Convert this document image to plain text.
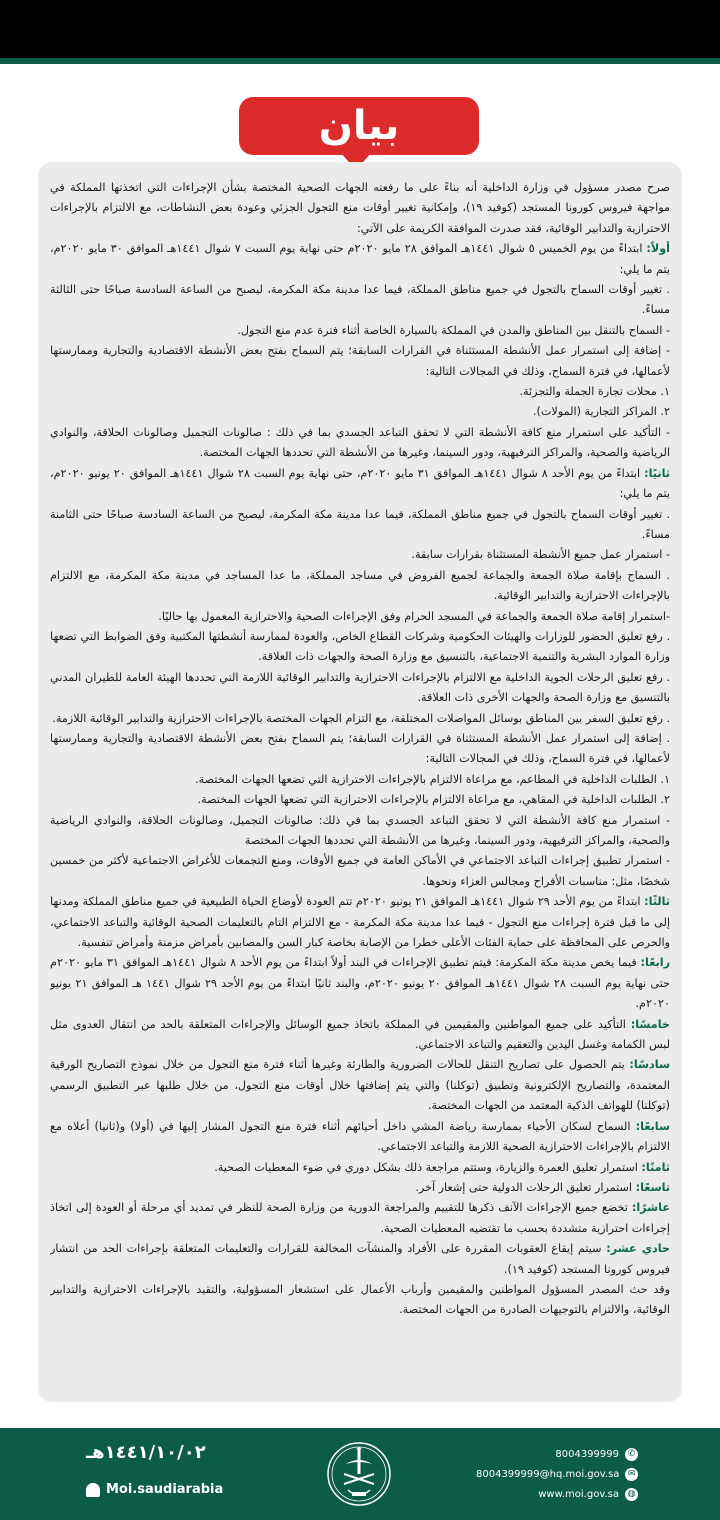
بيان

صرح مصدر مسؤول في وزارة الداخلية أنه بناءً على ما رفعته الجهات الصحية المختصة بشأن الإجراءات التي اتخذتها المملكة في مواجهة فيروس كورونا المستجد (كوفيد ١٩)، وإمكانية تغيير أوقات منع التجول الجزئي وعودة بعض النشاطات، مع الالتزام بالإجراءات الاحترازية والتدابير الوقائية، فقد صدرت الموافقة الكريمة على الآتي:

أولاً: ابتداءً من يوم الخميس ٥ شوال ١٤٤١هـ الموافق ٢٨ مايو ٢٠٢٠م حتى نهاية يوم السبت ٧ شوال ١٤٤١هـ الموافق ٣٠ مايو ٢٠٢٠م، يتم ما يلي:

. تغيير أوقات السماح بالتجول في جميع مناطق المملكة، فيما عدا مدينة مكة المكرمة، ليصبح من الساعة السادسة صباحًا حتى الثالثة مساءً.

- السماح بالتنقل بين المناطق والمدن في المملكة بالسيارة الخاصة أثناء فترة عدم منع التجول.

- إضافة إلى استمرار عمل الأنشطة المستثناة في القرارات السابقة؛ يتم السماح بفتح بعض الأنشطة الاقتصادية والتجارية وممارستها لأعمالها، في فترة السماح، وذلك في المجالات التالية:

١. محلات تجارة الجملة والتجزئة.

٢. المراكز التجارية (المولات).

- التأكيد على استمرار منع كافة الأنشطة التي لا تحقق التباعد الجسدي بما في ذلك : صالونات التجميل وصالونات الحلاقة، والنوادي الرياضية والصحية، والمراكز الترفيهية، ودور السينما، وغيرها من الأنشطة التي تحددها الجهات المختصة.

ثانيًا: ابتداءً من يوم الأحد ٨ شوال ١٤٤١هـ الموافق ٣١ مايو ٢٠٢٠م، حتى نهاية يوم السبت ٢٨ شوال ١٤٤١هـ الموافق ٢٠ يونيو ٢٠٢٠م، يتم ما يلي:

. تغيير أوقات السماح بالتجول في جميع مناطق المملكة، فيما عدا مدينة مكة المكرمة، ليصبح من الساعة السادسة صباحًا حتى الثامنة مساءً.

- استمرار عمل جميع الأنشطة المستثناة بقرارات سابقة.

. السماح بإقامة صلاة الجمعة والجماعة لجميع الفروض في مساجد المملكة، ما عدا المساجد في مدينة مكة المكرمة، مع الالتزام بالإجراءات الاحترازية والتدابير الوقائية.

-استمرار إقامة صلاة الجمعة والجماعة في المسجد الحرام وفق الإجراءات الصحية والاحترازية المعمول بها حاليًا.

. رفع تعليق الحضور للوزارات والهيئات الحكومية وشركات القطاع الخاص، والعودة لممارسة أنشطتها المكتبية وفق الضوابط التي تضعها وزارة الموارد البشرية والتنمية الاجتماعية، بالتنسيق مع وزارة الصحة والجهات ذات العلاقة.

. رفع تعليق الرحلات الجوية الداخلية مع الالتزام بالإجراءات الاحترازية والتدابير الوقائية اللازمة التي تحددها الهيئة العامة للطيران المدني بالتنسيق مع وزارة الصحة والجهات الأخرى ذات العلاقة.

. رفع تعليق السفر بين المناطق بوسائل المواصلات المختلفة، مع التزام الجهات المختصة بالإجراءات الاحترازية والتدابير الوقائية اللازمة.

. إضافة إلى استمرار عمل الأنشطة المستثناة في القرارات السابقة؛ يتم السماح بفتح بعض الأنشطة الاقتصادية والتجارية وممارستها لأعمالها، في فترة السماح، وذلك في المجالات التالية:

١. الطلبات الداخلية في المطاعم، مع مراعاة الالتزام بالإجراءات الاحترازية التي تضعها الجهات المختصة.

٢. الطلبات الداخلية في المقاهي، مع مراعاة الالتزام بالإجراءات الاحترازية التي تضعها الجهات المختصة.

- استمرار منع كافة الأنشطة التي لا تحقق التباعد الجسدي بما في ذلك: صالونات التجميل، وصالونات الحلاقة، والنوادي الرياضية والصحية، والمراكز الترفيهية، ودور السينما، وغيرها من الأنشطة التي تحددها الجهات المختصة

- استمرار تطبيق إجراءات التباعد الاجتماعي في الأماكن العامة في جميع الأوقات، ومنع التجمعات للأغراض الاجتماعية لأكثر من خمسين شخصًا، مثل: مناسبات الأفراح ومجالس العزاء ونحوها.

ثالثًا: ابتداءً من يوم الأحد ٢٩ شوال ١٤٤١هـ الموافق ٢١ يونيو ٢٠٢٠م تتم العودة لأوضاع الحياة الطبيعية في جميع مناطق المملكة ومدنها إلى ما قبل فترة إجراءات منع التجول - فيما عدا مدينة مكة المكرمة - مع الالتزام التام بالتعليمات الصحية الوقائية والتباعد الاجتماعي، والحرص على المحافظة على حماية الفئات الأعلى خطرا من الإصابة بخاصة كبار السن والمصابين بأمراض مزمنة وأمراض تنفسية.

رابعًا: فيما يخص مدينة مكة المكرمة: فيتم تطبيق الإجراءات في البند أولاً ابتداءً من يوم الأحد ٨ شوال ١٤٤١هـ الموافق ٣١ مايو ٢٠٢٠م حتى نهاية يوم السبت ٢٨ شوال ١٤٤١هـ الموافق ٢٠ يونيو ٢٠٢٠م، والبند ثانيًا ابتداءً من يوم الأحد ٢٩ شوال ١٤٤١ هـ الموافق ٢١ يونيو ٢٠٢٠م.

خامسًا: التأكيد على جميع المواطنين والمقيمين في المملكة باتخاذ جميع الوسائل والإجراءات المتعلقة بالحد من انتقال العدوى مثل لبس الكمامة وغسل اليدين والتعقيم والتباعد الاجتماعي.

سادسًا: يتم الحصول على تصاريح التنقل للحالات الضرورية والطارئة وغيرها أثناء فترة منع التجول من خلال نموذج التصاريح الورقية المعتمدة، والتصاريح الإلكترونية وتطبيق (توكلنا) والتي يتم إضافتها خلال أوقات منع التجول، من خلال طلبها عبر التطبيق الرسمي (توكلنا) للهواتف الذكية المعتمد من الجهات المختصة.

سابعًا: السماح لسكان الأحياء بممارسة رياضة المشي داخل أحيائهم أثناء فترة منع التجول المشار إليها في (أولا) و(ثانيا) أعلاه مع الالتزام بالإجراءات الاحترازية الصحية اللازمة والتباعد الاجتماعي.

ثامنًا: استمرار تعليق العمرة والزيارة، وستتم مراجعة ذلك بشكل دوري في ضوء المعطيات الصحية.

تاسعًا: استمرار تعليق الرحلات الدولية حتى إشعار آخر.

عاشرًا: تخضع جميع الإجراءات الآنف ذكرها للتقييم والمراجعة الدورية من وزارة الصحة للنظر في تمديد أي مرحلة أو العودة إلى اتخاذ إجراءات احترازية متشددة بحسب ما تقتضيه المعطيات الصحية.

حادي عشر: سيتم إيقاع العقوبات المقررة على الأفراد والمنشآت المخالفة للقرارات والتعليمات المتعلقة بإجراءات الحد من انتشار فيروس كورونا المستجد (كوفيد ١٩).

وقد حث المصدر المسؤول المواطنين والمقيمين وأرباب الأعمال على استشعار المسؤولية، والتقيد بالإجراءات الاحترازية والتدابير الوقائية، والالتزام بالتوجيهات الصادرة من الجهات المختصة.

١٤٤١/١٠/٠٢هـ
Moi.saudiarabia
8004399999 ✆
8004399999@hq.moi.gov.sa ✉
www.moi.gov.sa ◍
